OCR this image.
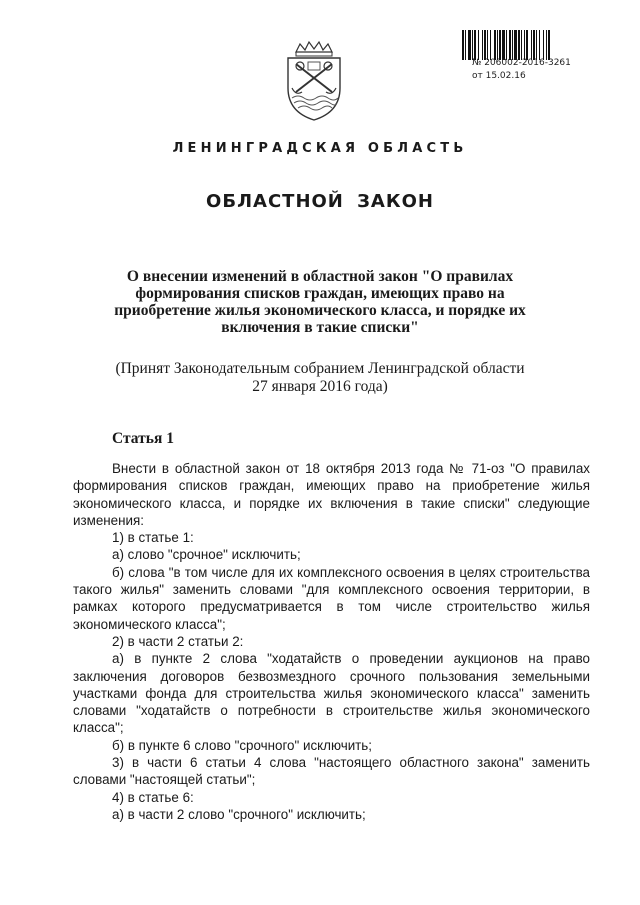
№ 206002-2016-3261
от 15.02.16
ЛЕНИНГРАДСКАЯ ОБЛАСТЬ
ОБЛАСТНОЙ ЗАКОН
О внесении изменений в областной закон "О правилах формирования списков граждан, имеющих право на приобретение жилья экономического класса, и порядке их включения в такие списки"
(Принят Законодательным собранием Ленинградской области
27 января 2016 года)
Статья 1

Внести в областной закон от 18 октября 2013 года № 71-оз "О правилах формирования списков граждан, имеющих право на приобретение жилья экономического класса, и порядке их включения в такие списки" следующие изменения:

1) в статье 1:

а) слово "срочное" исключить;

б) слова "в том числе для их комплексного освоения в целях строительства такого жилья" заменить словами "для комплексного освоения территории, в рамках которого предусматривается в том числе строительство жилья экономического класса";

2) в части 2 статьи 2:

а) в пункте 2 слова "ходатайств о проведении аукционов на право заключения договоров безвозмездного срочного пользования земельными участками фонда для строительства жилья экономического класса" заменить словами "ходатайств о потребности в строительстве жилья экономического класса";

б) в пункте 6 слово "срочного" исключить;

3) в части 6 статьи 4 слова "настоящего областного закона" заменить словами "настоящей статьи";

4) в статье 6:

а) в части 2 слово "срочного" исключить;
